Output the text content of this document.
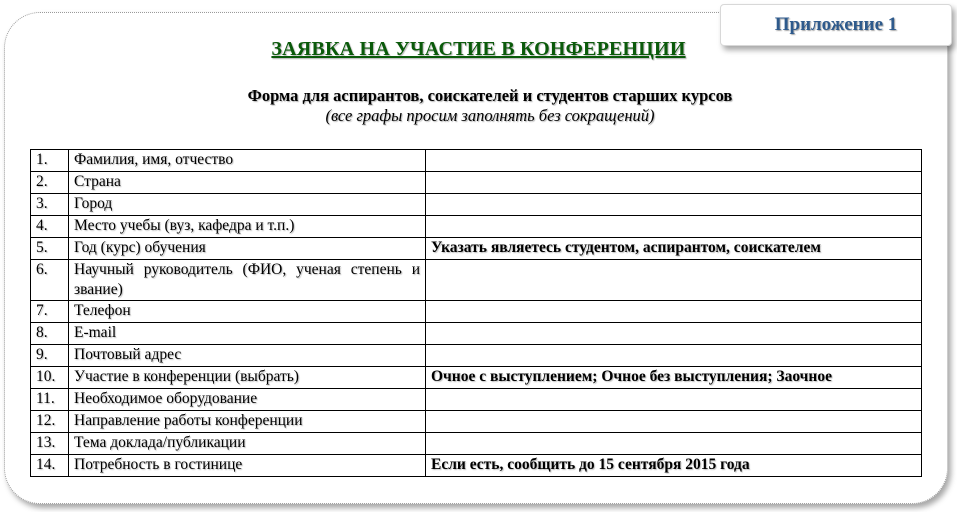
Приложение 1
ЗАЯВКА НА УЧАСТИЕ В КОНФЕРЕНЦИИ
Форма для аспирантов, соискателей и студентов старших курсов
(все графы просим заполнять без сокращений)
1.	Фамилия, имя, отчество	
2.	Страна	
3.	Город	
4.	Место учебы (вуз, кафедра и т.п.)	
5.	Год (курс) обучения	Указать являетесь студентом, аспирантом, соискателем
6.	Научный руководитель (ФИО, ученая степень и звание)	
7.	Телефон	
8.	E-mail	
9.	Почтовый адрес	
10.	Участие в конференции (выбрать)	Очное с выступлением; Очное без выступления; Заочное
11.	Необходимое оборудование	
12.	Направление работы конференции	
13.	Тема доклада/публикации	
14.	Потребность в гостинице	Если есть, сообщить до 15 сентября 2015 года
